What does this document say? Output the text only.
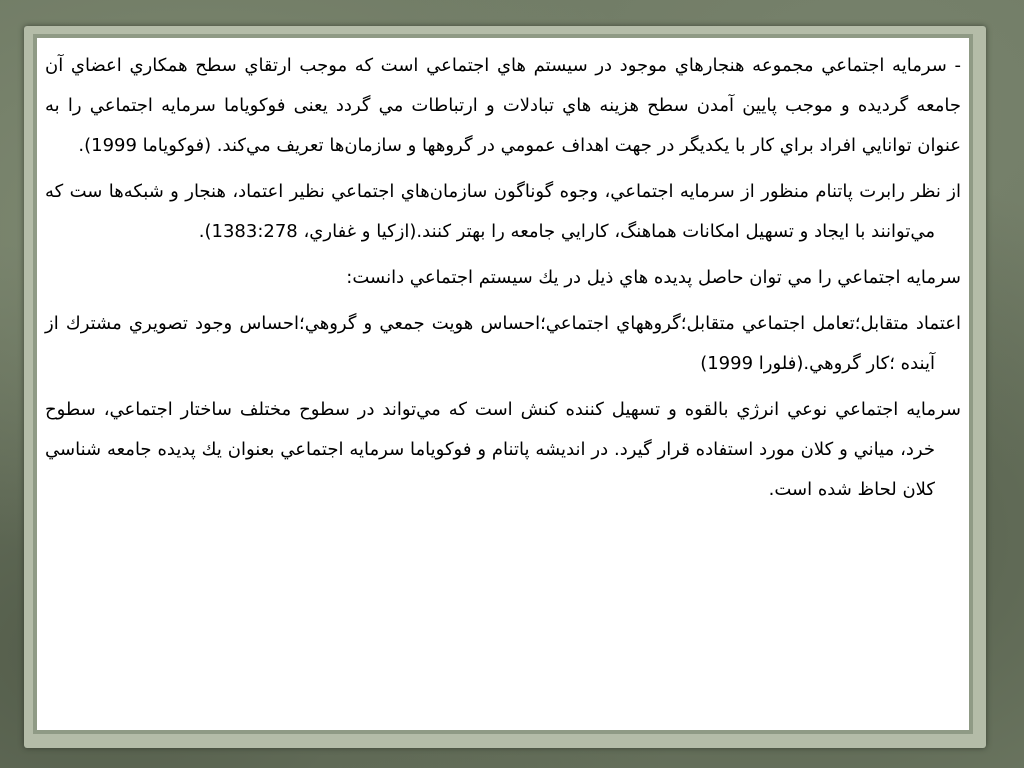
- سرمايه اجتماعي مجموعه هنجارهاي موجود در سيستم هاي اجتماعي است که موجب ارتقاي سطح همکاري اعضاي آن جامعه گرديده و موجب پايين آمدن سطح هزينه هاي تبادلات و ارتباطات مي گردد یعنی فوکویاما سرمايه اجتماعي را به عنوان توانايي افراد براي كار با يكديگر در جهت اهداف عمومي در گروهها و سازمان‌ها تعريف مي‌كند. (فوکویاما 1999).

از نظر رابرت پاتنام منظور از سرمايه اجتماعي، وجوه گوناگون سازمان‌هاي اجتماعي نظير اعتماد، هنجار و شبكه‌ها ست كه مي‌توانند با ايجاد و تسهيل امكانات هماهنگ، كارايي جامعه را بهتر كنند.(ازكيا و غفاري، 1383:278).

سرمايه اجتماعي را مي توان حاصل پديده هاي ذيل در يك سيستم اجتماعي دانست:

اعتماد متقابل؛تعامل اجتماعي متقابل؛گروههاي اجتماعي؛احساس هويت جمعي و گروهي؛احساس وجود تصويري مشترك از آينده ؛كار گروهي.(فلورا 1999)

سرمايه اجتماعي نوعي انرژي بالقوه و تسهيل كننده كنش است كه مي‌تواند در سطوح مختلف ساختار اجتماعي، سطوح خرد، مياني و كلان مورد استفاده قرار گيرد. در انديشه پاتنام و فوكوياما سرمايه اجتماعي بعنوان يك پديده جامعه شناسي كلان لحاظ شده است.
